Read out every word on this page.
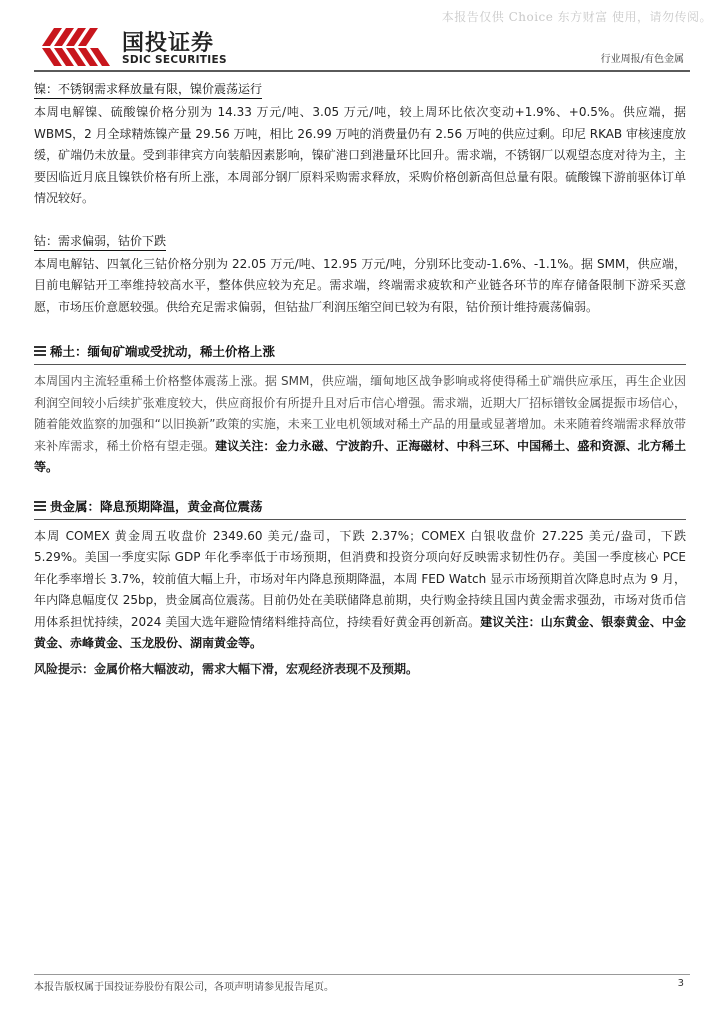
本报告仅供 Choice 东方财富 使用，请勿传阅。
国投证券
SDIC SECURITIES	行业周报/有色金属
镍：不锈钢需求释放量有限，镍价震荡运行

本周电解镍、硫酸镍价格分别为 14.33 万元/吨、3.05 万元/吨，较上周环比依次变动+1.9%、+0.5%。供应端，据 WBMS，2 月全球精炼镍产量 29.56 万吨，相比 26.99 万吨的消费量仍有 2.56 万吨的供应过剩。印尼 RKAB 审核速度放缓，矿端仍未放量。受到菲律宾方向装船因素影响，镍矿港口到港量环比回升。需求端，不锈钢厂以观望态度对待为主，主要因临近月底且镍铁价格有所上涨，本周部分钢厂原料采购需求释放，采购价格创新高但总量有限。硫酸镍下游前驱体订单情况较好。

钴：需求偏弱，钴价下跌

本周电解钴、四氧化三钴价格分别为 22.05 万元/吨、12.95 万元/吨，分别环比变动-1.6%、-1.1%。据 SMM，供应端，目前电解钴开工率维持较高水平，整体供应较为充足。需求端，终端需求疲软和产业链各环节的库存储备限制下游采买意愿，市场压价意愿较强。供给充足需求偏弱，但钴盐厂利润压缩空间已较为有限，钴价预计维持震荡偏弱。

稀土：缅甸矿端或受扰动，稀土价格上涨

本周国内主流轻重稀土价格整体震荡上涨。据 SMM，供应端，缅甸地区战争影响或将使得稀土矿端供应承压，再生企业因利润空间较小后续扩张难度较大，供应商报价有所提升且对后市信心增强。需求端，近期大厂招标镨钕金属提振市场信心，随着能效监察的加强和“以旧换新”政策的实施，未来工业电机领域对稀土产品的用量或显著增加。未来随着终端需求释放带来补库需求，稀土价格有望走强。建议关注：金力永磁、宁波韵升、正海磁材、中科三环、中国稀土、盛和资源、北方稀土等。

贵金属：降息预期降温，黄金高位震荡

本周 COMEX 黄金周五收盘价 2349.60 美元/盎司，下跌 2.37%；COMEX 白银收盘价 27.225 美元/盎司，下跌 5.29%。美国一季度实际 GDP 年化季率低于市场预期，但消费和投资分项向好反映需求韧性仍存。美国一季度核心 PCE 年化季率增长 3.7%，较前值大幅上升，市场对年内降息预期降温，本周 FED Watch 显示市场预期首次降息时点为 9 月，年内降息幅度仅 25bp，贵金属高位震荡。目前仍处在美联储降息前期，央行购金持续且国内黄金需求强劲，市场对货币信用体系担忧持续，2024 美国大选年避险情绪料维持高位，持续看好黄金再创新高。建议关注：山东黄金、银泰黄金、中金黄金、赤峰黄金、玉龙股份、湖南黄金等。

风险提示：金属价格大幅波动，需求大幅下滑，宏观经济表现不及预期。

本报告版权属于国投证券股份有限公司，各项声明请参见报告尾页。	3
